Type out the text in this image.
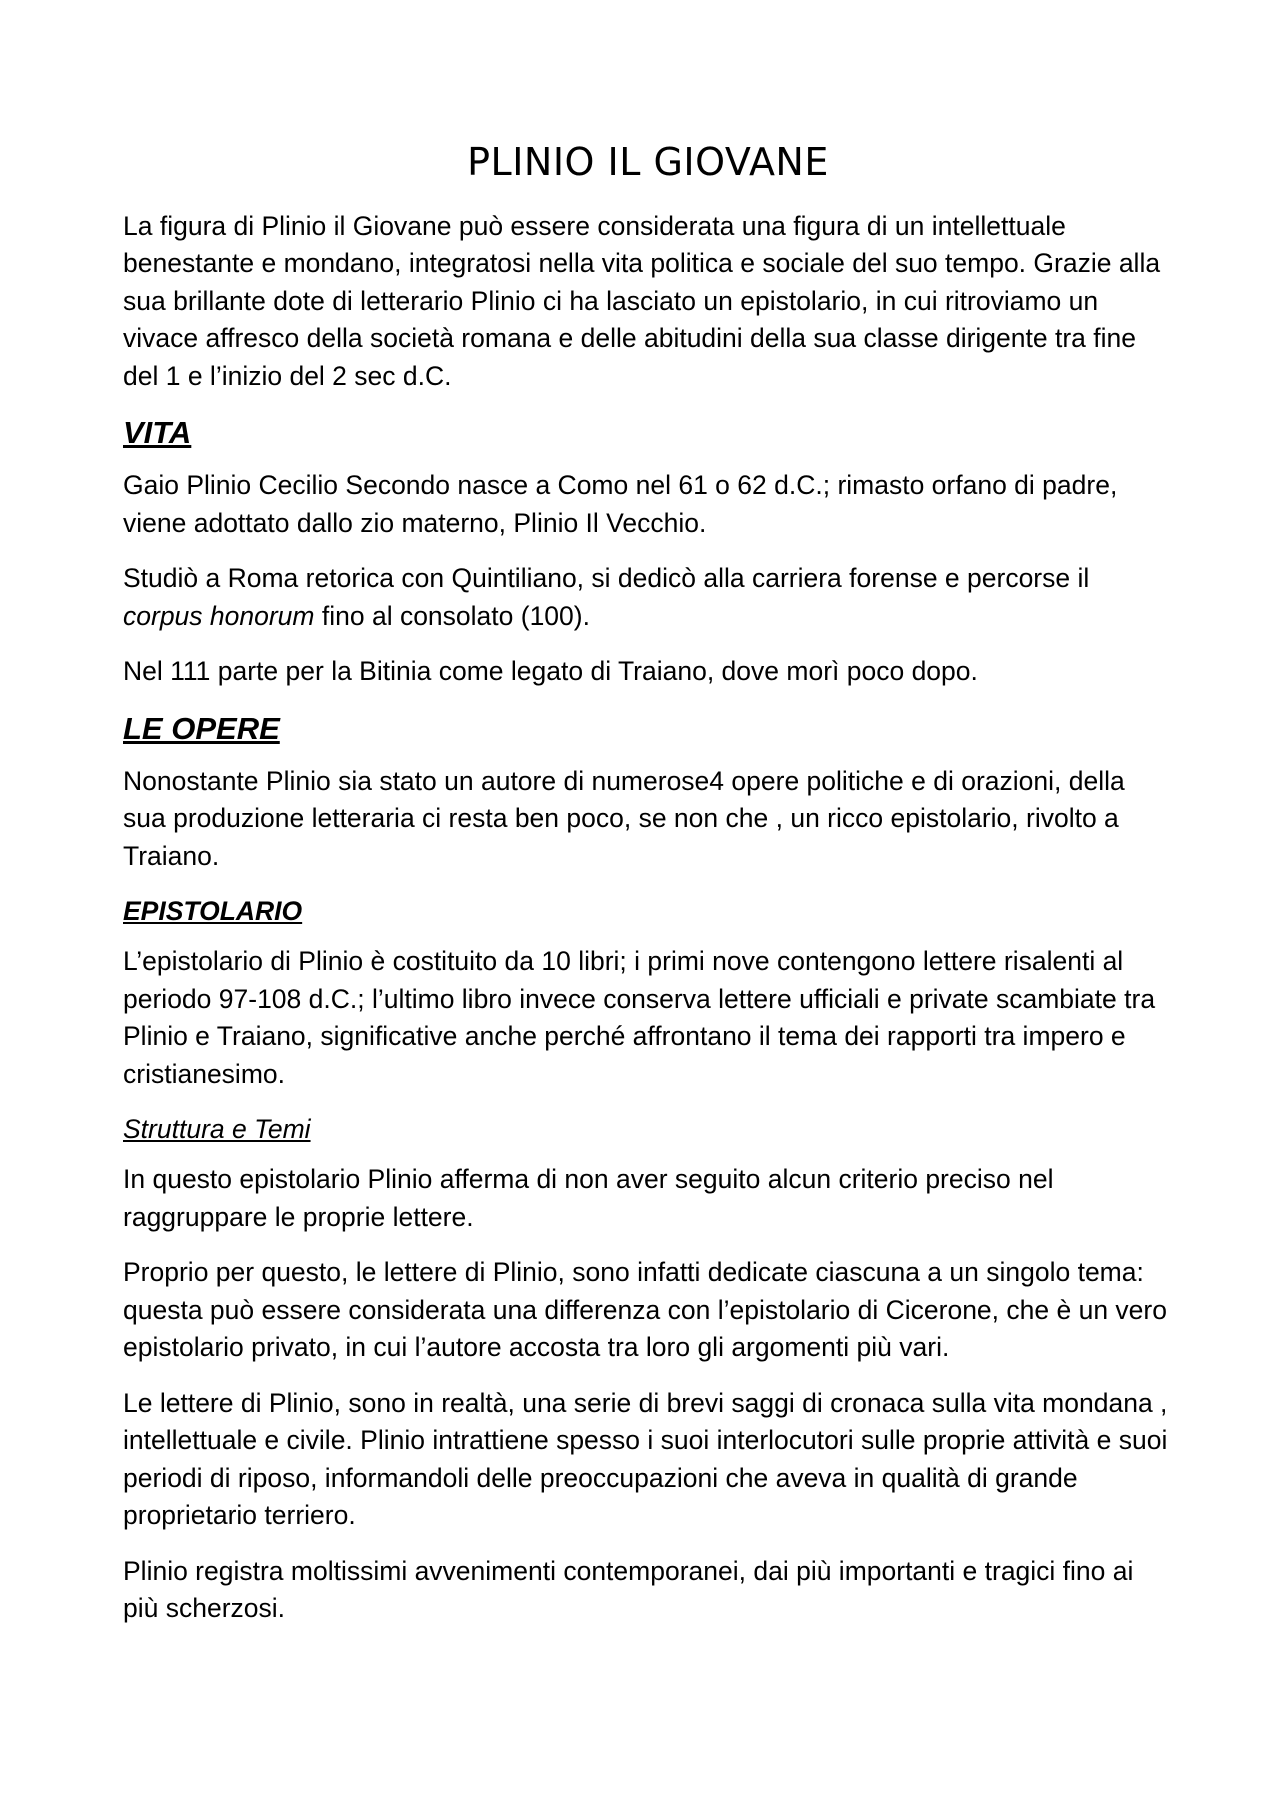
PLINIO IL GIOVANE

La figura di Plinio il Giovane può essere considerata una figura di un intellettuale benestante e mondano, integratosi nella vita politica e sociale del suo tempo. Grazie alla sua brillante dote di letterario Plinio ci ha lasciato un epistolario, in cui ritroviamo un vivace affresco della società romana e delle abitudini della sua classe dirigente tra fine del 1 e l’inizio del 2 sec d.C.

VITA

Gaio Plinio Cecilio Secondo nasce a Como nel 61 o 62 d.C.; rimasto orfano di padre, viene adottato dallo zio materno, Plinio Il Vecchio.

Studiò a Roma retorica con Quintiliano, si dedicò alla carriera forense e percorse il corpus honorum fino al consolato (100).

Nel 111 parte per la Bitinia come legato di Traiano, dove morì poco dopo.

LE OPERE

Nonostante Plinio sia stato un autore di numerose4 opere politiche e di orazioni, della sua produzione letteraria ci resta ben poco, se non che , un ricco epistolario, rivolto a Traiano.

EPISTOLARIO

L’epistolario di Plinio è costituito da 10 libri; i primi nove contengono lettere risalenti al periodo 97-108 d.C.; l’ultimo libro invece conserva lettere ufficiali e private scambiate tra Plinio e Traiano, significative anche perché affrontano il tema dei rapporti tra impero e cristianesimo.

Struttura e Temi

In questo epistolario Plinio afferma di non aver seguito alcun criterio preciso nel raggruppare le proprie lettere.

Proprio per questo, le lettere di Plinio, sono infatti dedicate ciascuna a un singolo tema: questa può essere considerata una differenza con l’epistolario di Cicerone, che è un vero epistolario privato, in cui l’autore accosta tra loro gli argomenti più vari.

Le lettere di Plinio, sono in realtà, una serie di brevi saggi di cronaca sulla vita mondana , intellettuale e civile. Plinio intrattiene spesso i suoi interlocutori sulle proprie attività e suoi periodi di riposo, informandoli delle preoccupazioni che aveva in qualità di grande proprietario terriero.

Plinio registra moltissimi avvenimenti contemporanei, dai più importanti e tragici fino ai più scherzosi.
